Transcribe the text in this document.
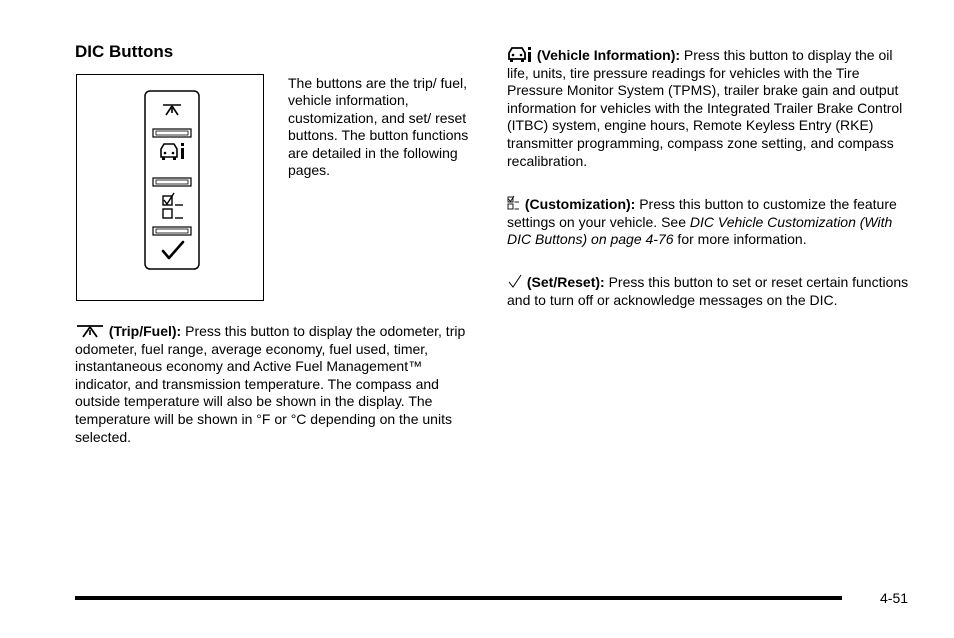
DIC Buttons
The buttons are the trip/ fuel, vehicle information, customization, and set/ reset buttons. The button functions are detailed in the following pages.
(Trip/Fuel): Press this button to display the odometer, trip odometer, fuel range, average economy, fuel used, timer, instantaneous economy and Active Fuel Management™ indicator, and transmission temperature. The compass and outside temperature will also be shown in the display. The temperature will be shown in °F or °C depending on the units selected.
(Vehicle Information): Press this button to display the oil life, units, tire pressure readings for vehicles with the Tire Pressure Monitor System (TPMS), trailer brake gain and output information for vehicles with the Integrated Trailer Brake Control (ITBC) system, engine hours, Remote Keyless Entry (RKE) transmitter programming, compass zone setting, and compass recalibration.
(Customization): Press this button to customize the feature settings on your vehicle. See DIC Vehicle Customization (With DIC Buttons) on page 4-76 for more information.
(Set/Reset): Press this button to set or reset certain functions and to turn off or acknowledge messages on the DIC.
4-51
